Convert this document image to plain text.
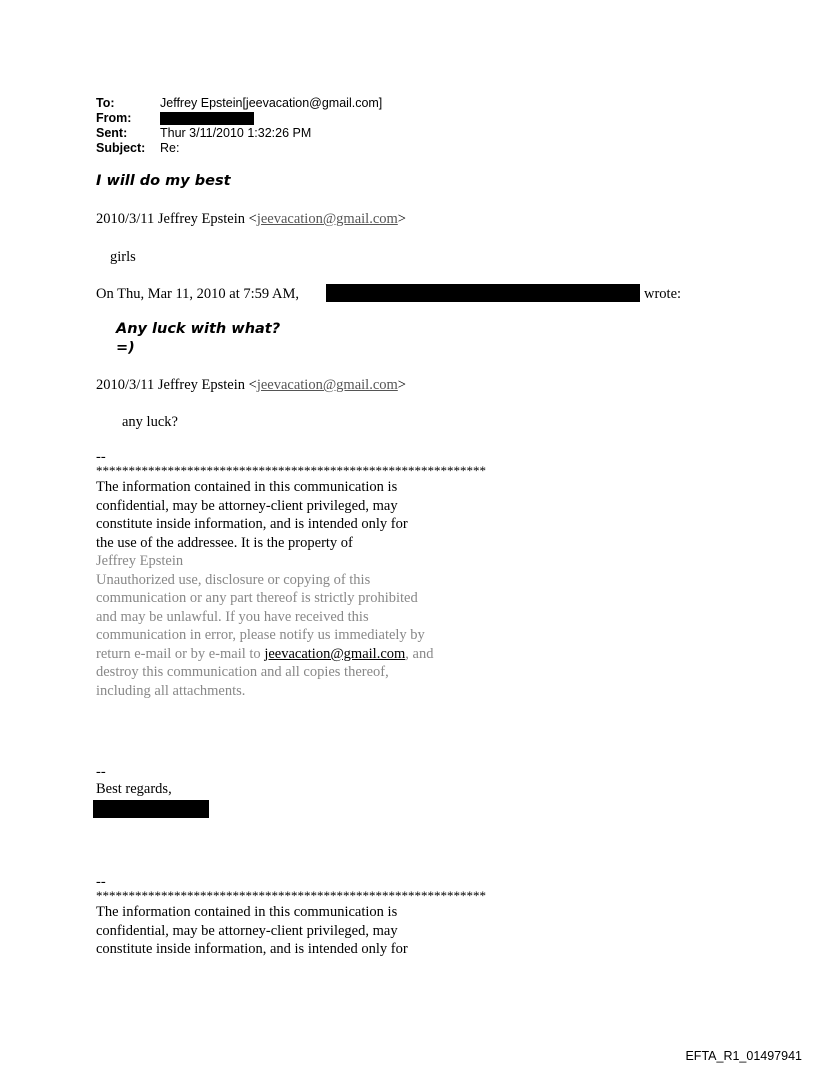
To:	Jeffrey Epstein[jeevacation@gmail.com]
From:
Sent:	Thur 3/11/2010 1:32:26 PM
Subject:	Re:
I will do my best
2010/3/11 Jeffrey Epstein <jeevacation@gmail.com>
girls
On Thu, Mar 11, 2010 at 7:59 AM,	wrote:
Any luck with what?
=)
2010/3/11 Jeffrey Epstein <jeevacation@gmail.com>
any luck?
--
************************************************************
The information contained in this communication is
confidential, may be attorney-client privileged, may
constitute inside information, and is intended only for
the use of the addressee. It is the property of
Jeffrey Epstein
Unauthorized use, disclosure or copying of this
communication or any part thereof is strictly prohibited
and may be unlawful. If you have received this
communication in error, please notify us immediately by
return e-mail or by e-mail to jeevacation@gmail.com, and
destroy this communication and all copies thereof,
including all attachments.
--
Best regards,
--
************************************************************
The information contained in this communication is
confidential, may be attorney-client privileged, may
constitute inside information, and is intended only for
EFTA_R1_01497941
